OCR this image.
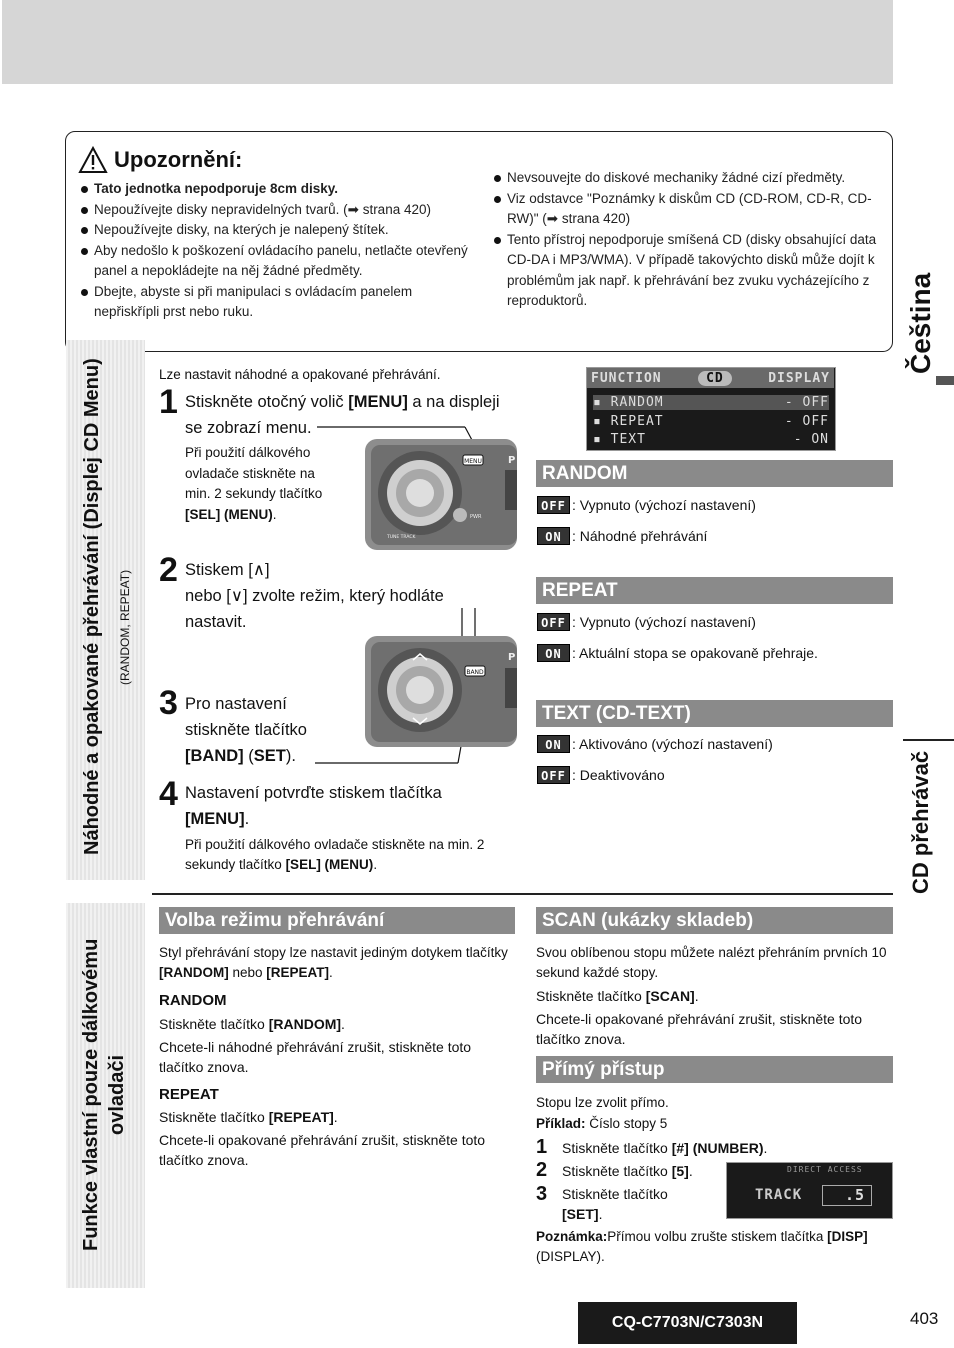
Upozornění:
Tato jednotka nepodporuje 8cm disky.
Nepoužívejte disky nepravidelných tvarů. (➡ strana 420)
Nepoužívejte disky, na kterých je nalepený štítek.
Aby nedošlo k poškození ovládacího panelu, netlačte otevřený panel a nepokládejte na něj žádné předměty.
Dbejte, abyste si při manipulaci s ovládacím panelem nepřiskřípli prst nebo ruku.
Nevsouvejte do diskové mechaniky žádné cizí předměty.
Viz odstavce "Poznámky k diskům CD (CD-ROM, CD-R, CD-RW)" (➡ strana 420)
Tento přístroj nepodporuje smíšená CD (disky obsahující data CD-DA i MP3/WMA). V případě takovýchto disků může dojít k problémům jak např. k přehrávání bez zvuku vycházejícího z reproduktorů.	Čeština
CD přehrávač
Náhodné a opakované přehrávání (Displej CD Menu) (RANDOM, REPEAT)
Funkce vlastní pouze dálkovému ovladači
Lze nastavit náhodné a opakované přehrávání.
1 Stiskněte otočný volič [MENU] a na displeji se zobrazí menu.
Při použití dálkového ovladače stiskněte na min. 2 sekundy tlačítko [SEL] (MENU).
2 Stiskem [∧]
nebo [∨] zvolte režim, který hodláte nastavit.
3 Pro nastavení stiskněte tlačítko
[BAND] (SET).
4 Nastavení potvrďte stiskem tlačítka [MENU].
Při použití dálkového ovladače stiskněte na min. 2 sekundy tlačítko [SEL] (MENU).
MENU	P
PWR
TUNE TRACK
BAND
P
FUNCTION	CD	DISPLAY
▪ RANDOM	- OFF
▪ REPEAT	- OFF
▪ TEXT	- ON
RANDOM
OFF : Vypnuto (výchozí nastavení)
ON : Náhodné přehrávání
REPEAT
OFF : Vypnuto (výchozí nastavení)
ON : Aktuální stopa se opakovaně přehraje.
TEXT (CD-TEXT)
ON : Aktivováno (výchozí nastavení)
OFF : Deaktivováno
Volba režimu přehrávání
Styl přehrávání stopy lze nastavit jediným dotykem tlačítky [RANDOM] nebo [REPEAT].
RANDOM
Stiskněte tlačítko [RANDOM].
Chcete-li náhodné přehrávání zrušit, stiskněte toto tlačítko znova.
REPEAT
Stiskněte tlačítko [REPEAT].
Chcete-li opakované přehrávání zrušit, stiskněte toto tlačítko znova.
SCAN (ukázky skladeb)
Svou oblíbenou stopu můžete nalézt přehráním prvních 10 sekund každé stopy.
Stiskněte tlačítko [SCAN].
Chcete-li opakované přehrávání zrušit, stiskněte toto tlačítko znova.
Přímý přístup
Stopu lze zvolit přímo.
Příklad: Číslo stopy 5
1 Stiskněte tlačítko [#] (NUMBER).
2 Stiskněte tlačítko [5].
3 Stiskněte tlačítko
[SET].
DIRECT ACCESS
TRACK	.5
Poznámka:Přímou volbu zrušte stiskem tlačítka [DISP] (DISPLAY).
CQ-C7703N/C7303N	403
